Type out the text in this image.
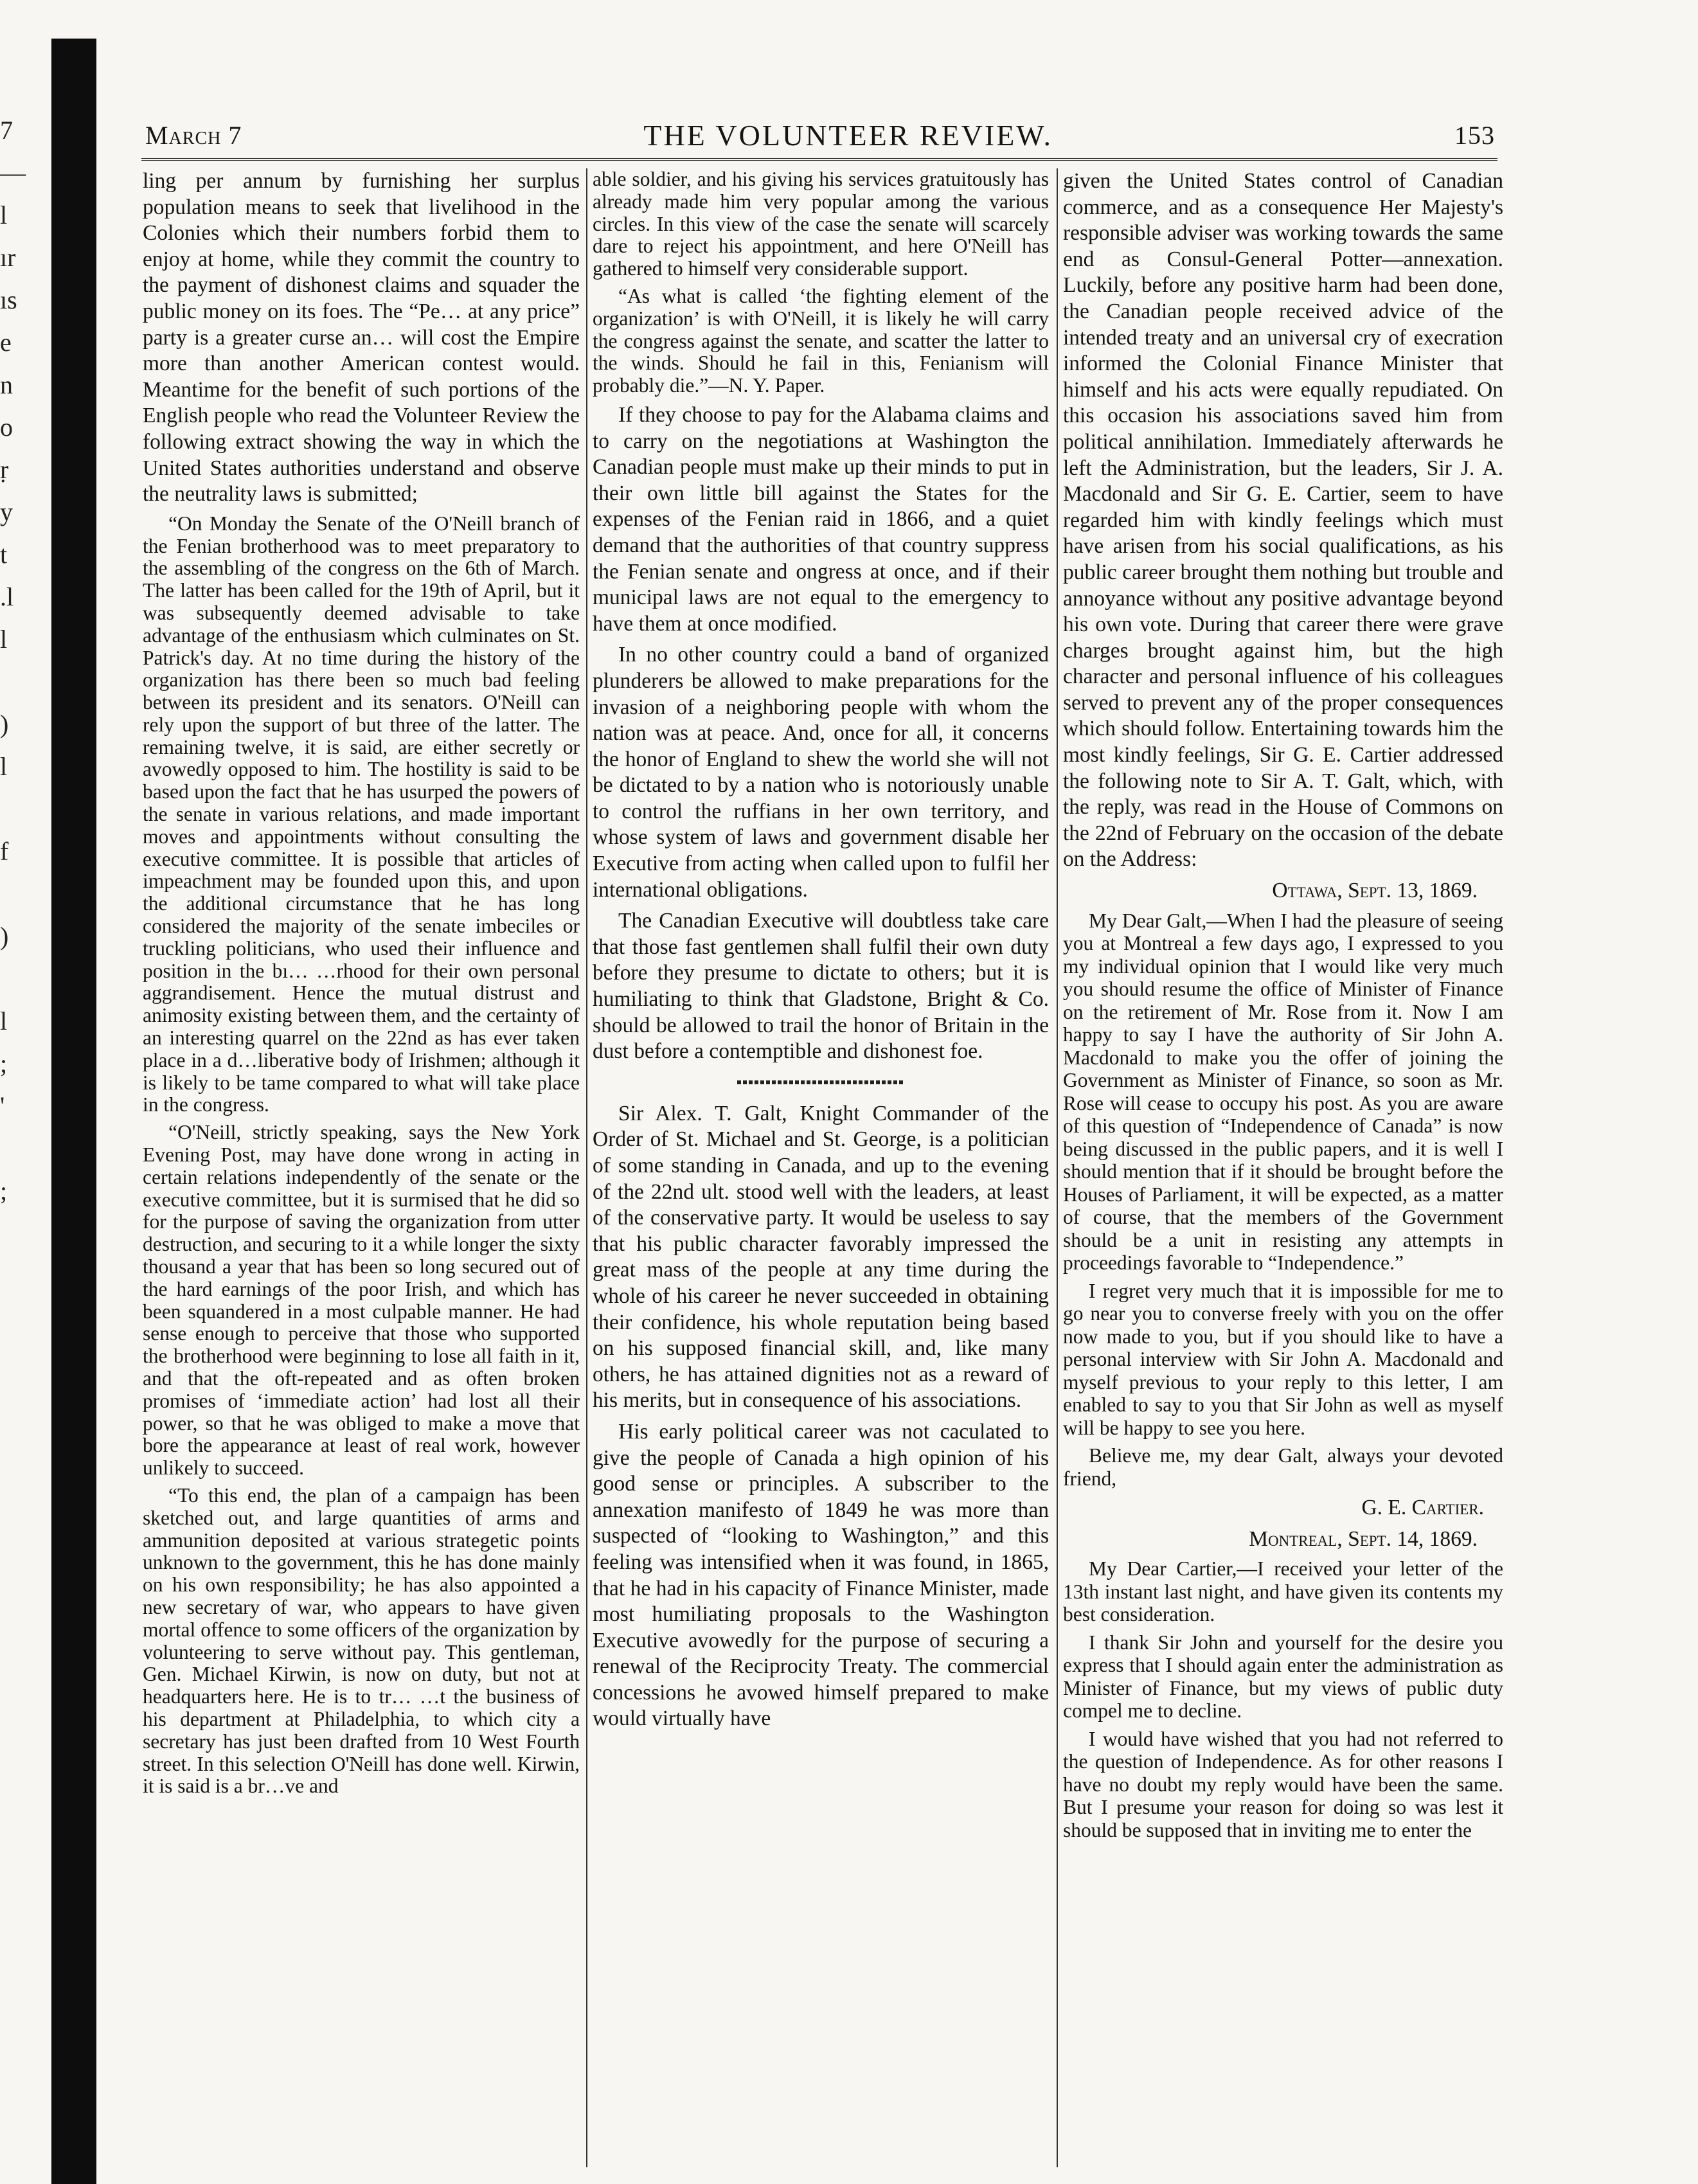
7
—
l
ır
ıs
e
n
o
ṛ
y
t
.l
l

)
l

f

)

l
;
'

;
March 7	THE VOLUNTEER REVIEW.	153

ling per annum by furnishing her surplus population means to seek that livelihood in the Colonies which their numbers forbid them to enjoy at home, while they commit the country to the payment of dishonest claims and squader the public money on its foes. The “Pe… at any price” party is a greater curse an… will cost the Empire more than another American contest would. Meantime for the benefit of such portions of the English people who read the Volunteer Review the following extract showing the way in which the United States authorities understand and observe the neutrality laws is submitted;

“On Monday the Senate of the O'Neill branch of the Fenian brotherhood was to meet preparatory to the assembling of the congress on the 6th of March. The latter has been called for the 19th of April, but it was subsequently deemed advisable to take advantage of the enthusiasm which culminates on St. Patrick's day. At no time during the history of the organization has there been so much bad feeling between its president and its senators. O'Neill can rely upon the support of but three of the latter. The remaining twelve, it is said, are either secretly or avowedly opposed to him. The hostility is said to be based upon the fact that he has usurped the powers of the senate in various relations, and made important moves and appointments without consulting the executive committee. It is possible that articles of impeachment may be founded upon this, and upon the additional circumstance that he has long considered the majority of the senate imbeciles or truckling politicians, who used their influence and position in the bı… …rhood for their own personal aggrandisement. Hence the mutual distrust and animosity existing between them, and the certainty of an interesting quarrel on the 22nd as has ever taken place in a d…liberative body of Irishmen; although it is likely to be tame compared to what will take place in the congress.

“O'Neill, strictly speaking, says the New York Evening Post, may have done wrong in acting in certain relations independently of the senate or the executive committee, but it is surmised that he did so for the purpose of saving the organization from utter destruction, and securing to it a while longer the sixty thousand a year that has been so long secured out of the hard earnings of the poor Irish, and which has been squandered in a most culpable manner. He had sense enough to perceive that those who supported the brotherhood were beginning to lose all faith in it, and that the oft-repeated and as often broken promises of ‘immediate action’ had lost all their power, so that he was obliged to make a move that bore the appearance at least of real work, however unlikely to succeed.

“To this end, the plan of a campaign has been sketched out, and large quantities of arms and ammunition deposited at various strategetic points unknown to the government, this he has done mainly on his own responsibility; he has also appointed a new secretary of war, who appears to have given mortal offence to some officers of the organization by volunteering to serve without pay. This gentleman, Gen. Michael Kirwin, is now on duty, but not at headquarters here. He is to tr… …t the business of his department at Philadelphia, to which city a secretary has just been drafted from 10 West Fourth street. In this selection O'Neill has done well. Kirwin, it is said is a br…ve and

able soldier, and his giving his services gratuitously has already made him very popular among the various circles. In this view of the case the senate will scarcely dare to reject his appointment, and here O'Neill has gathered to himself very considerable support.

“As what is called ‘the fighting element of the organization’ is with O'Neill, it is likely he will carry the congress against the senate, and scatter the latter to the winds. Should he fail in this, Fenianism will probably die.”—N. Y. Paper.

If they choose to pay for the Alabama claims and to carry on the negotiations at Washington the Canadian people must make up their minds to put in their own little bill against the States for the expenses of the Fenian raid in 1866, and a quiet demand that the authorities of that country suppress the Fenian senate and ongress at once, and if their municipal laws are not equal to the emergency to have them at once modified.

In no other country could a band of organized plunderers be allowed to make preparations for the invasion of a neighboring people with whom the nation was at peace. And, once for all, it concerns the honor of England to shew the world she will not be dictated to by a nation who is notoriously unable to control the ruffians in her own territory, and whose system of laws and government disable her Executive from acting when called upon to fulfil her international obligations.

The Canadian Executive will doubtless take care that those fast gentlemen shall fulfil their own duty before they presume to dictate to others; but it is humiliating to think that Gladstone, Bright & Co. should be allowed to trail the honor of Britain in the dust before a contemptible and dishonest foe.

Sir Alex. T. Galt, Knight Commander of the Order of St. Michael and St. George, is a politician of some standing in Canada, and up to the evening of the 22nd ult. stood well with the leaders, at least of the conservative party. It would be useless to say that his public character favorably impressed the great mass of the people at any time during the whole of his career he never succeeded in obtaining their confidence, his whole reputation being based on his supposed financial skill, and, like many others, he has attained dignities not as a reward of his merits, but in consequence of his associations.

His early political career was not caculated to give the people of Canada a high opinion of his good sense or principles. A subscriber to the annexation manifesto of 1849 he was more than suspected of “looking to Washington,” and this feeling was intensified when it was found, in 1865, that he had in his capacity of Finance Minister, made most humiliating proposals to the Washington Executive avowedly for the purpose of securing a renewal of the Reciprocity Treaty. The commercial concessions he avowed himself prepared to make would virtually have

given the United States control of Canadian commerce, and as a consequence Her Majesty's responsible adviser was working towards the same end as Consul-General Potter—annexation. Luckily, before any positive harm had been done, the Canadian people received advice of the intended treaty and an universal cry of execration informed the Colonial Finance Minister that himself and his acts were equally repudiated. On this occasion his associations saved him from political annihilation. Immediately afterwards he left the Administration, but the leaders, Sir J. A. Macdonald and Sir G. E. Cartier, seem to have regarded him with kindly feelings which must have arisen from his social qualifications, as his public career brought them nothing but trouble and annoyance without any positive advantage beyond his own vote. During that career there were grave charges brought against him, but the high character and personal influence of his colleagues served to prevent any of the proper consequences which should follow. Entertaining towards him the most kindly feelings, Sir G. E. Cartier addressed the following note to Sir A. T. Galt, which, with the reply, was read in the House of Commons on the 22nd of February on the occasion of the debate on the Address:

Ottawa, Sept. 13, 1869.

My Dear Galt,—When I had the pleasure of seeing you at Montreal a few days ago, I expressed to you my individual opinion that I would like very much you should resume the office of Minister of Finance on the retirement of Mr. Rose from it. Now I am happy to say I have the authority of Sir John A. Macdonald to make you the offer of joining the Government as Minister of Finance, so soon as Mr. Rose will cease to occupy his post. As you are aware of this question of “Independence of Canada” is now being discussed in the public papers, and it is well I should mention that if it should be brought before the Houses of Parliament, it will be expected, as a matter of course, that the members of the Government should be a unit in resisting any attempts in proceedings favorable to “Independence.”

I regret very much that it is impossible for me to go near you to converse freely with you on the offer now made to you, but if you should like to have a personal interview with Sir John A. Macdonald and myself previous to your reply to this letter, I am enabled to say to you that Sir John as well as myself will be happy to see you here.

Believe me, my dear Galt, always your devoted friend,

G. E. Cartier.

Montreal, Sept. 14, 1869.

My Dear Cartier,—I received your letter of the 13th instant last night, and have given its contents my best consideration.

I thank Sir John and yourself for the desire you express that I should again enter the administration as Minister of Finance, but my views of public duty compel me to decline.

I would have wished that you had not referred to the question of Independence. As for other reasons I have no doubt my reply would have been the same. But I presume your reason for doing so was lest it should be supposed that in inviting me to enter the
